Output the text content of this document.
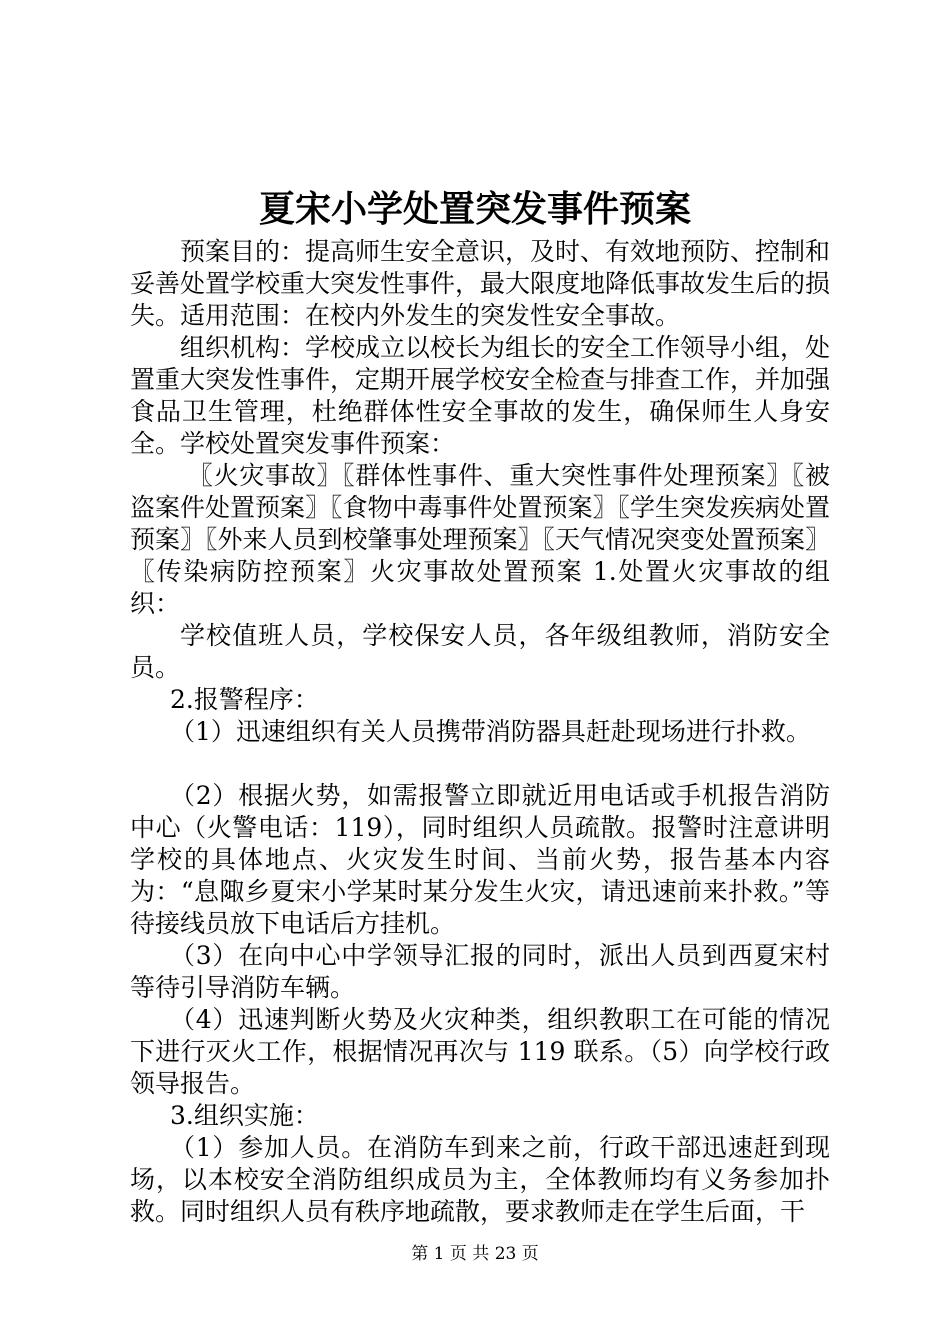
夏宋小学处置突发事件预案

预案目的：提高师生安全意识，及时、有效地预防、控制和妥善处置学校重大突发性事件，最大限度地降低事故发生后的损失。适用范围：在校内外发生的突发性安全事故。

组织机构：学校成立以校长为组长的安全工作领导小组，处置重大突发性事件，定期开展学校安全检查与排查工作，并加强食品卫生管理，杜绝群体性安全事故的发生，确保师生人身安全。学校处置突发事件预案：

〖火灾事故〗〖群体性事件、重大突性事件处理预案〗〖被盗案件处置预案〗〖食物中毒事件处置预案〗〖学生突发疾病处置预案〗〖外来人员到校肇事处理预案〗〖天气情况突变处置预案〗〖传染病防控预案〗火灾事故处置预案 1.处置火灾事故的组织：

学校值班人员，学校保安人员，各年级组教师，消防安全员。

2.报警程序：

（1）迅速组织有关人员携带消防器具赶赴现场进行扑救。

（2）根据火势，如需报警立即就近用电话或手机报告消防中心（火警电话：119），同时组织人员疏散。报警时注意讲明学校的具体地点、火灾发生时间、当前火势，报告基本内容为：“息陬乡夏宋小学某时某分发生火灾，请迅速前来扑救。”等待接线员放下电话后方挂机。

（3）在向中心中学领导汇报的同时，派出人员到西夏宋村等待引导消防车辆。

（4）迅速判断火势及火灾种类，组织教职工在可能的情况下进行灭火工作，根据情况再次与 119 联系。（5）向学校行政领导报告。

3.组织实施：

（1）参加人员。在消防车到来之前，行政干部迅速赶到现场，以本校安全消防组织成员为主，全体教师均有义务参加扑救。同时组织人员有秩序地疏散，要求教师走在学生后面，干

第 1 页 共 23 页
